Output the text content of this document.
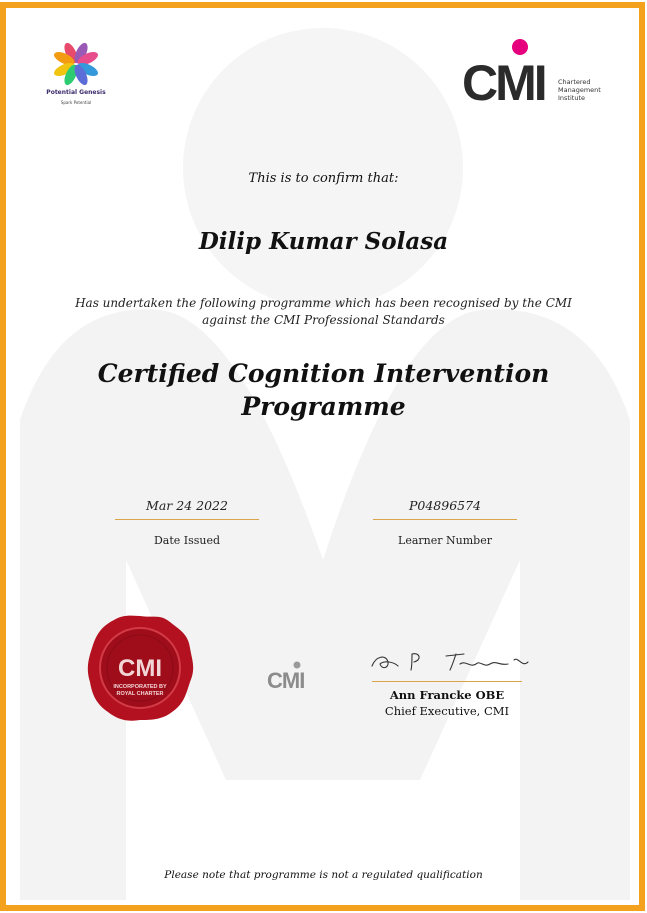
Potential Genesis
Spark Potential	CMI Chartered
Management
Institute
This is to confirm that:
Dilip Kumar Solasa
Has undertaken the following programme which has been recognised by the CMI against the CMI Professional Standards
Certified Cognition Intervention Programme
Mar 24 2022
Date Issued
P04896574
Learner Number
CMI
INCORPORATED BY
ROYAL CHARTER
CMI
Ann Francke OBE
Chief Executive, CMI
Please note that programme is not a regulated qualification
